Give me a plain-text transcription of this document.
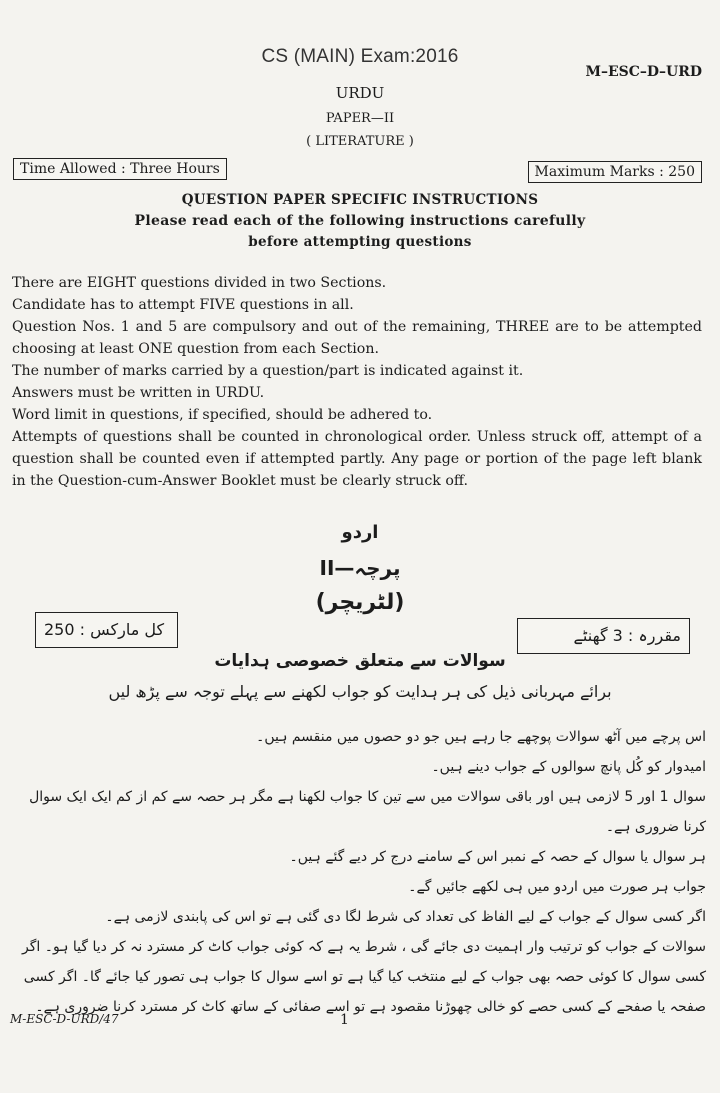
CS (MAIN) Exam:2016
M–ESC–D–URD
URDU
PAPER—II
( LITERATURE )
Time Allowed : Three Hours	Maximum Marks : 250
QUESTION PAPER SPECIFIC INSTRUCTIONS
Please read each of the following instructions carefully
before attempting questions

There are EIGHT questions divided in two Sections.

Candidate has to attempt FIVE questions in all.

Question Nos. 1 and 5 are compulsory and out of the remaining, THREE are to be attempted choosing at least ONE question from each Section.

The number of marks carried by a question/part is indicated against it.

Answers must be written in URDU.

Word limit in questions, if specified, should be adhered to.

Attempts of questions shall be counted in chronological order. Unless struck off, attempt of a question shall be counted even if attempted partly. Any page or portion of the page left blank in the Question-cum-Answer Booklet must be clearly struck off.

اردو
پرچہ—II
(لٹریچر)
کل مارکس : 250	مقررہ : 3 گھنٹے
سوالات سے متعلق خصوصی ہدایات
برائے مہربانی ذیل کی ہر ہدایت کو جواب لکھنے سے پہلے توجہ سے پڑھ لیں

اس پرچے میں آٹھ سوالات پوچھے جا رہے ہیں جو دو حصوں میں منقسم ہیں۔

امیدوار کو کُل پانچ سوالوں کے جواب دینے ہیں۔

سوال 1 اور 5 لازمی ہیں اور باقی سوالات میں سے تین کا جواب لکھنا ہے مگر ہر حصہ سے کم از کم ایک ایک سوال کرنا ضروری ہے۔

ہر سوال یا سوال کے حصہ کے نمبر اس کے سامنے درج کر دیے گئے ہیں۔

جواب ہر صورت میں اردو میں ہی لکھے جائیں گے۔

اگر کسی سوال کے جواب کے لیے الفاظ کی تعداد کی شرط لگا دی گئی ہے تو اس کی پابندی لازمی ہے۔

سوالات کے جواب کو ترتیب وار اہمیت دی جائے گی ، شرط یہ ہے کہ کوئی جواب کاٹ کر مسترد نہ کر دیا گیا ہو۔ اگر کسی سوال کا کوئی حصہ بھی جواب کے لیے منتخب کیا گیا ہے تو اسے سوال کا جواب ہی تصور کیا جائے گا۔ اگر کسی صفحہ یا صفحے کے کسی حصے کو خالی چھوڑنا مقصود ہے تو اسے صفائی کے ساتھ کاٹ کر مسترد کرنا ضروری ہے۔

M-ESC-D-URD/47	1
